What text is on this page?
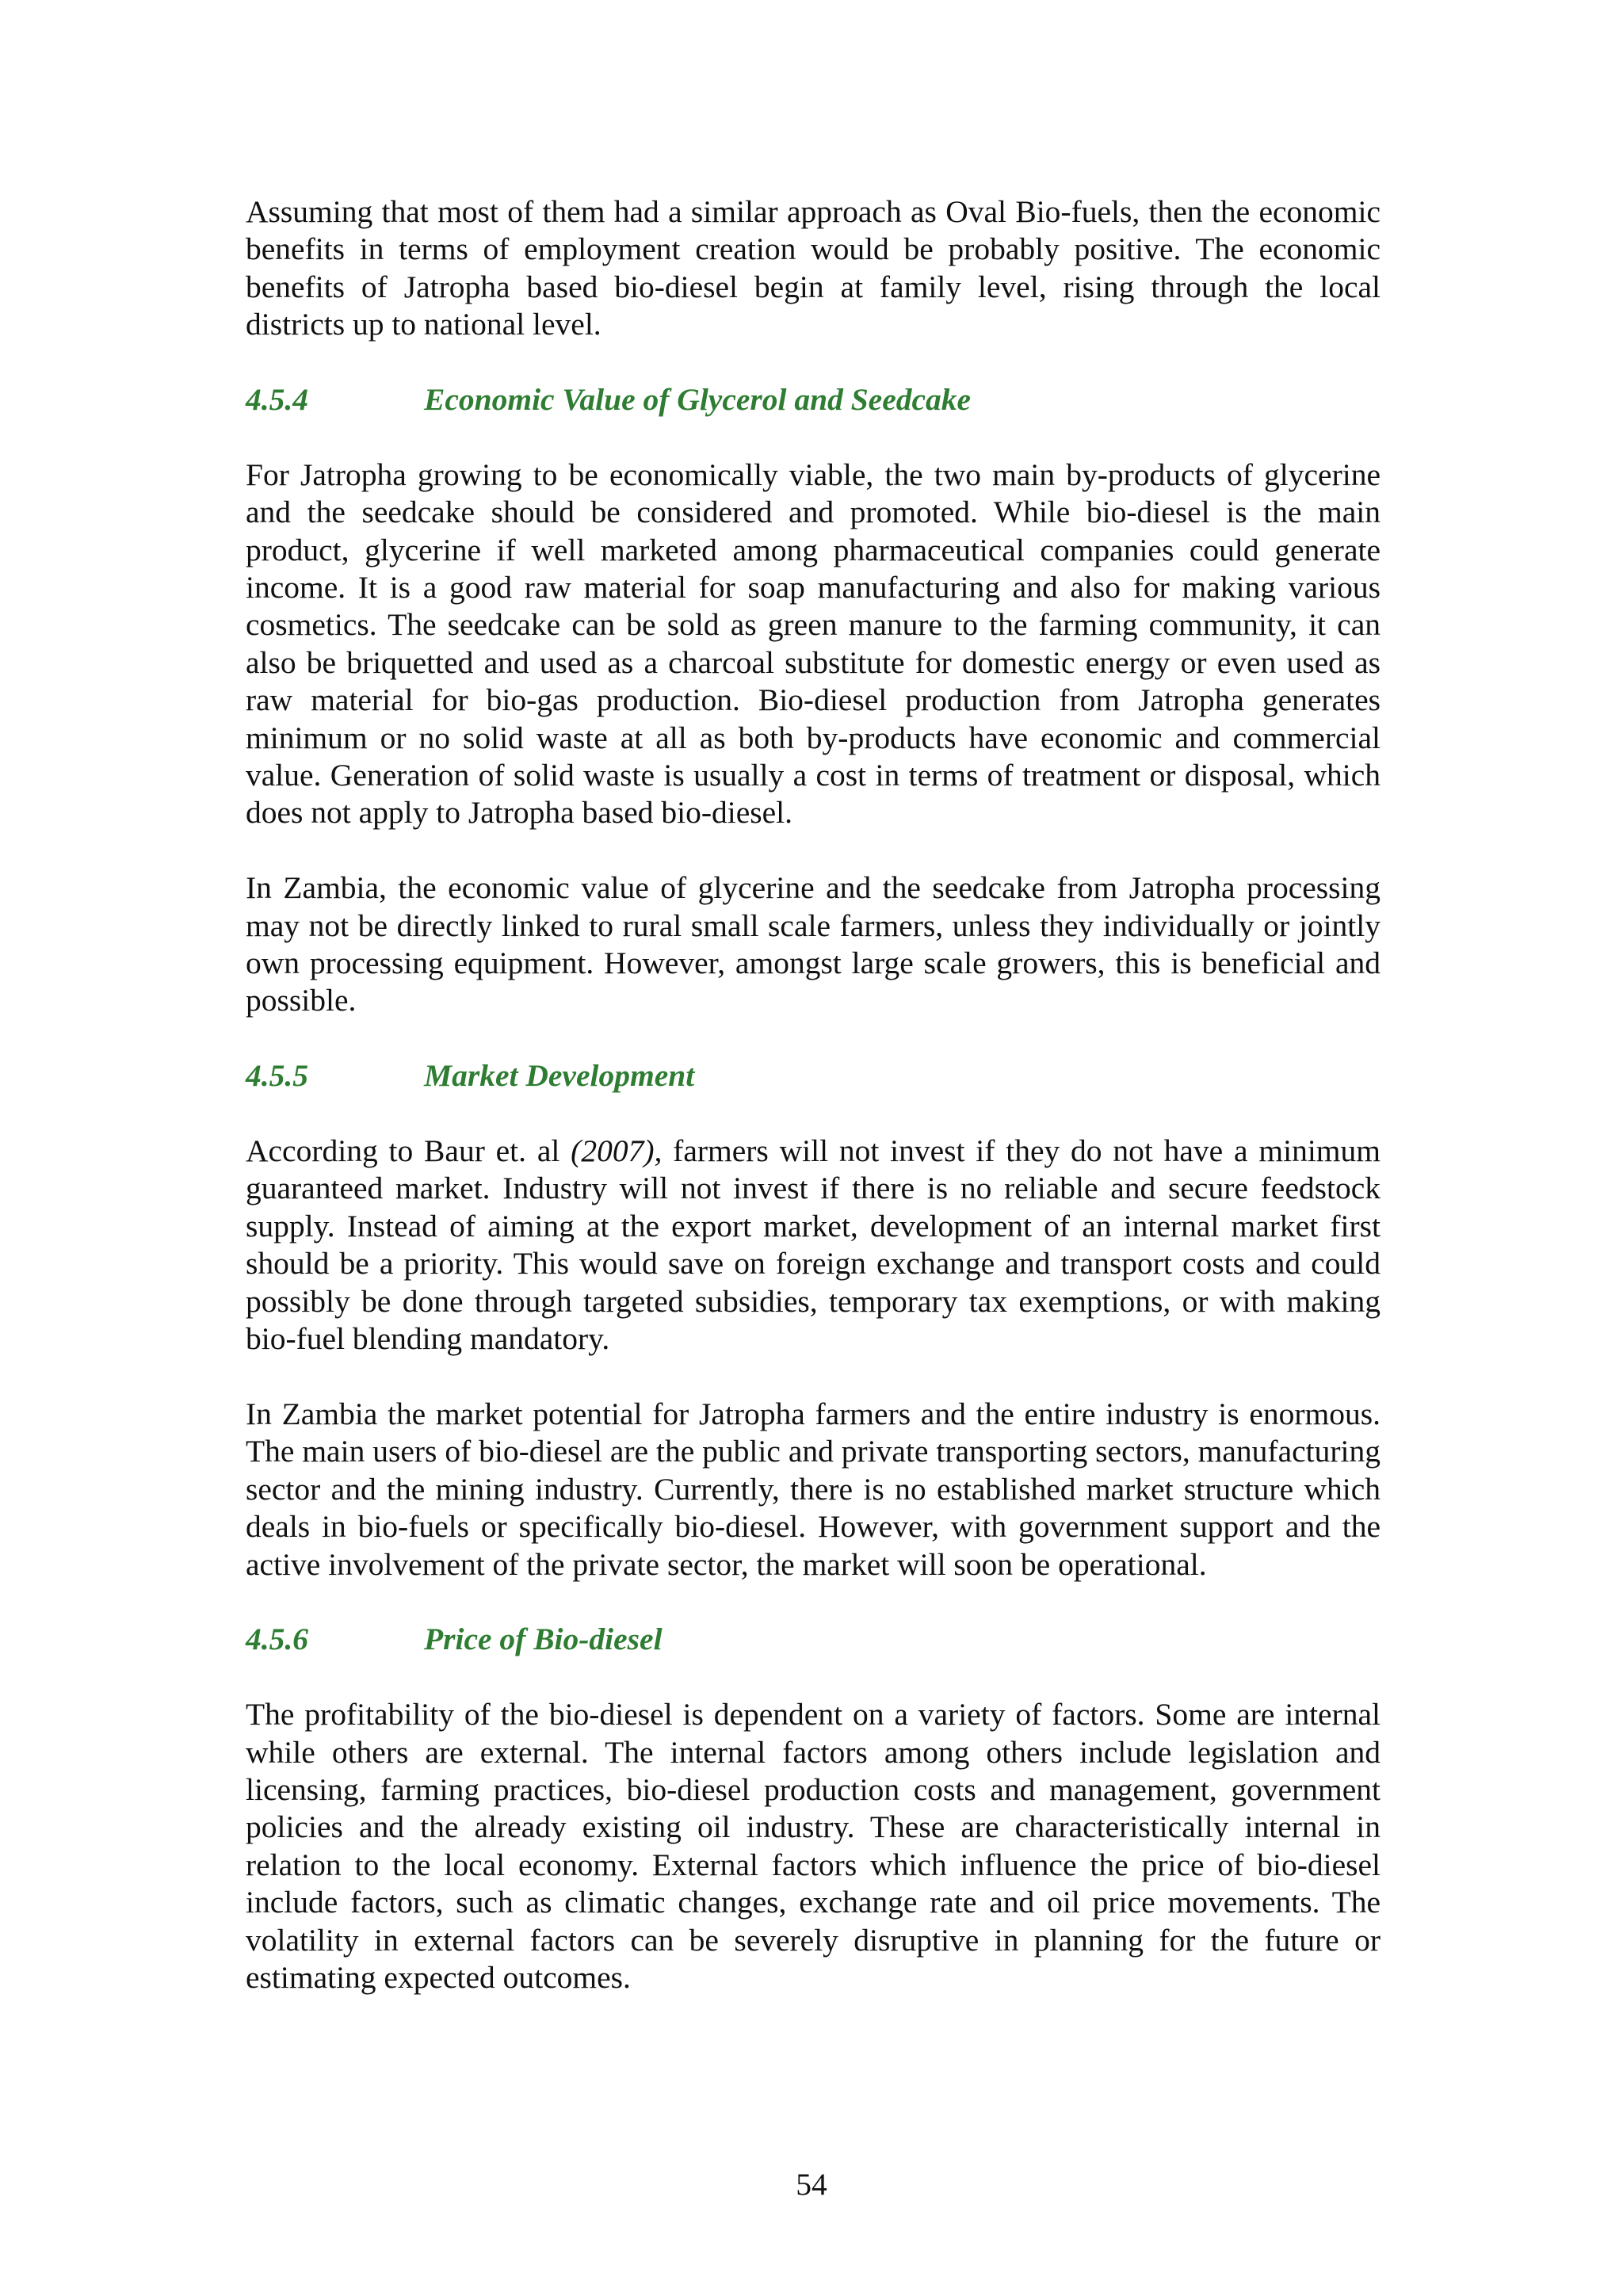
Assuming that most of them had a similar approach as Oval Bio-fuels, then the economic benefits in terms of employment creation would be probably positive. The economic benefits of Jatropha based bio-diesel begin at family level, rising through the local districts up to national level.

4.5.4	Economic Value of Glycerol and Seedcake

For Jatropha growing to be economically viable, the two main by-products of glycerine and the seedcake should be considered and promoted. While bio-diesel is the main product, glycerine if well marketed among pharmaceutical companies could generate income. It is a good raw material for soap manufacturing and also for making various cosmetics. The seedcake can be sold as green manure to the farming community, it can also be briquetted and used as a charcoal substitute for domestic energy or even used as raw material for bio-gas production. Bio-diesel production from Jatropha generates minimum or no solid waste at all as both by-products have economic and commercial value. Generation of solid waste is usually a cost in terms of treatment or disposal, which does not apply to Jatropha based bio-diesel.

In Zambia, the economic value of glycerine and the seedcake from Jatropha processing may not be directly linked to rural small scale farmers, unless they individually or jointly own processing equipment. However, amongst large scale growers, this is beneficial and possible.

4.5.5	Market Development

According to Baur et. al (2007), farmers will not invest if they do not have a minimum guaranteed market. Industry will not invest if there is no reliable and secure feedstock supply. Instead of aiming at the export market, development of an internal market first should be a priority. This would save on foreign exchange and transport costs and could possibly be done through targeted subsidies, temporary tax exemptions, or with making bio-fuel blending mandatory.

In Zambia the market potential for Jatropha farmers and the entire industry is enormous. The main users of bio-diesel are the public and private transporting sectors, manufacturing sector and the mining industry. Currently, there is no established market structure which deals in bio-fuels or specifically bio-diesel. However, with government support and the active involvement of the private sector, the market will soon be operational.

4.5.6	Price of Bio-diesel

The profitability of the bio-diesel is dependent on a variety of factors. Some are internal while others are external. The internal factors among others include legislation and licensing, farming practices, bio-diesel production costs and management, government policies and the already existing oil industry. These are characteristically internal in relation to the local economy. External factors which influence the price of bio-diesel include factors, such as climatic changes, exchange rate and oil price movements. The volatility in external factors can be severely disruptive in planning for the future or estimating expected outcomes.

54
